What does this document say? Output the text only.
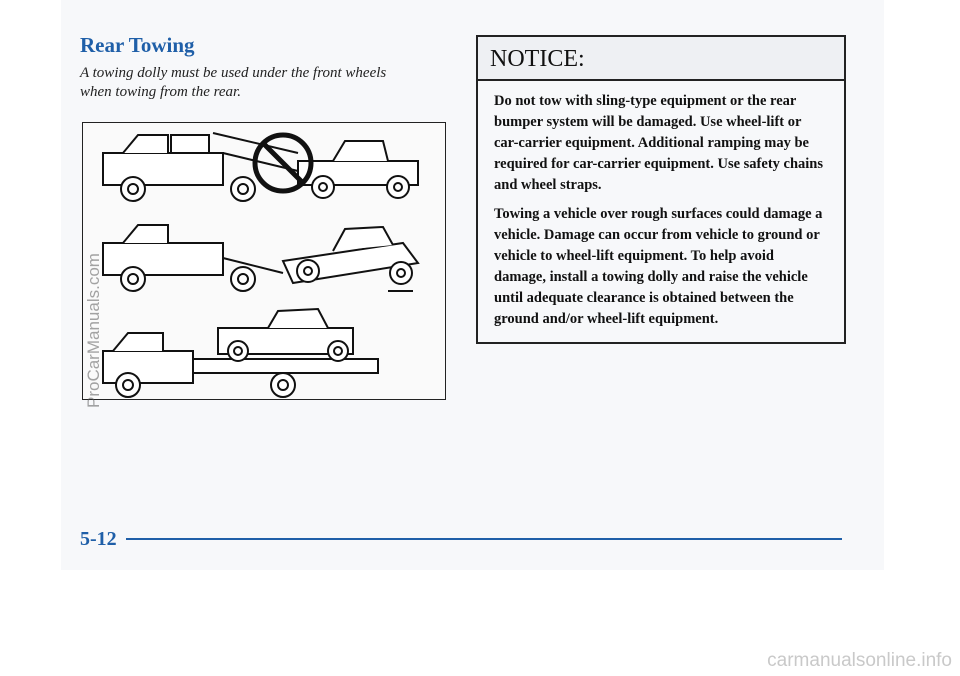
Rear Towing
A towing dolly must be used under the front wheels when towing from the rear.
NOTICE:

Do not tow with sling-type equipment or the rear bumper system will be damaged. Use wheel-lift or car-carrier equipment. Additional ramping may be required for car-carrier equipment. Use safety chains and wheel straps.

Towing a vehicle over rough surfaces could damage a vehicle. Damage can occur from vehicle to ground or vehicle to wheel-lift equipment. To help avoid damage, install a towing dolly and raise the vehicle until adequate clearance is obtained between the ground and/or wheel-lift equipment.

ProCarManuals.com
5-12
carmanualsonline.info
